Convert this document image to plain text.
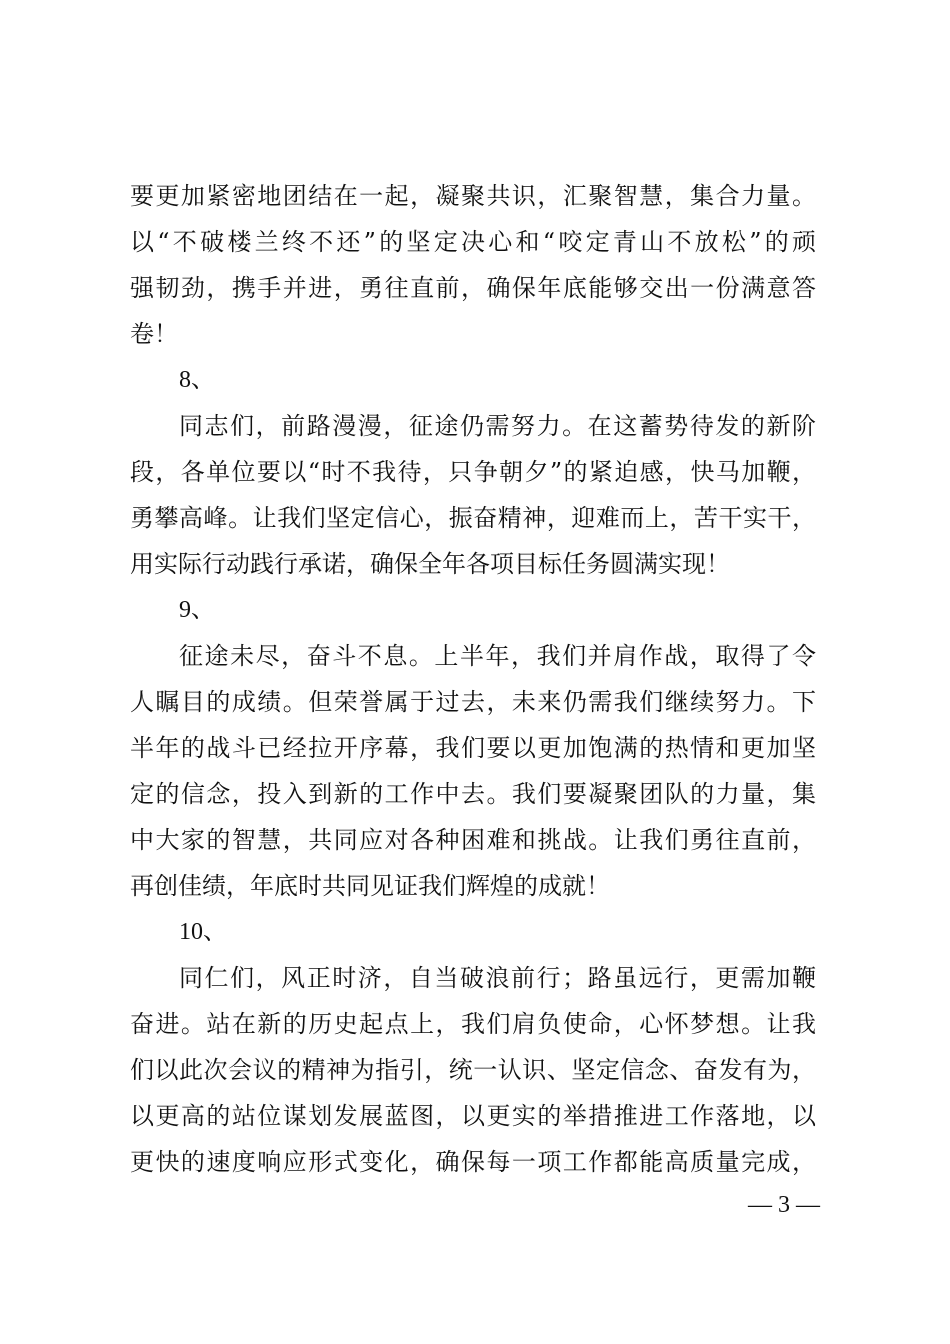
要更加紧密地团结在一起，凝聚共识，汇聚智慧，集合力量。
以“不破楼兰终不还”的坚定决心和“咬定青山不放松”的顽
强韧劲，携手并进，勇往直前，确保年底能够交出一份满意答
卷！
8、
同志们，前路漫漫，征途仍需努力。在这蓄势待发的新阶
段，各单位要以“时不我待，只争朝夕”的紧迫感，快马加鞭，
勇攀高峰。让我们坚定信心，振奋精神，迎难而上，苦干实干，
用实际行动践行承诺，确保全年各项目标任务圆满实现！
9、
征途未尽，奋斗不息。上半年，我们并肩作战，取得了令
人瞩目的成绩。但荣誉属于过去，未来仍需我们继续努力。下
半年的战斗已经拉开序幕，我们要以更加饱满的热情和更加坚
定的信念，投入到新的工作中去。我们要凝聚团队的力量，集
中大家的智慧，共同应对各种困难和挑战。让我们勇往直前，
再创佳绩，年底时共同见证我们辉煌的成就！
10、
同仁们，风正时济，自当破浪前行；路虽远行，更需加鞭
奋进。站在新的历史起点上，我们肩负使命，心怀梦想。让我
们以此次会议的精神为指引，统一认识、坚定信念、奋发有为，
以更高的站位谋划发展蓝图，以更实的举措推进工作落地，以
更快的速度响应形式变化，确保每一项工作都能高质量完成，
— 3 —
